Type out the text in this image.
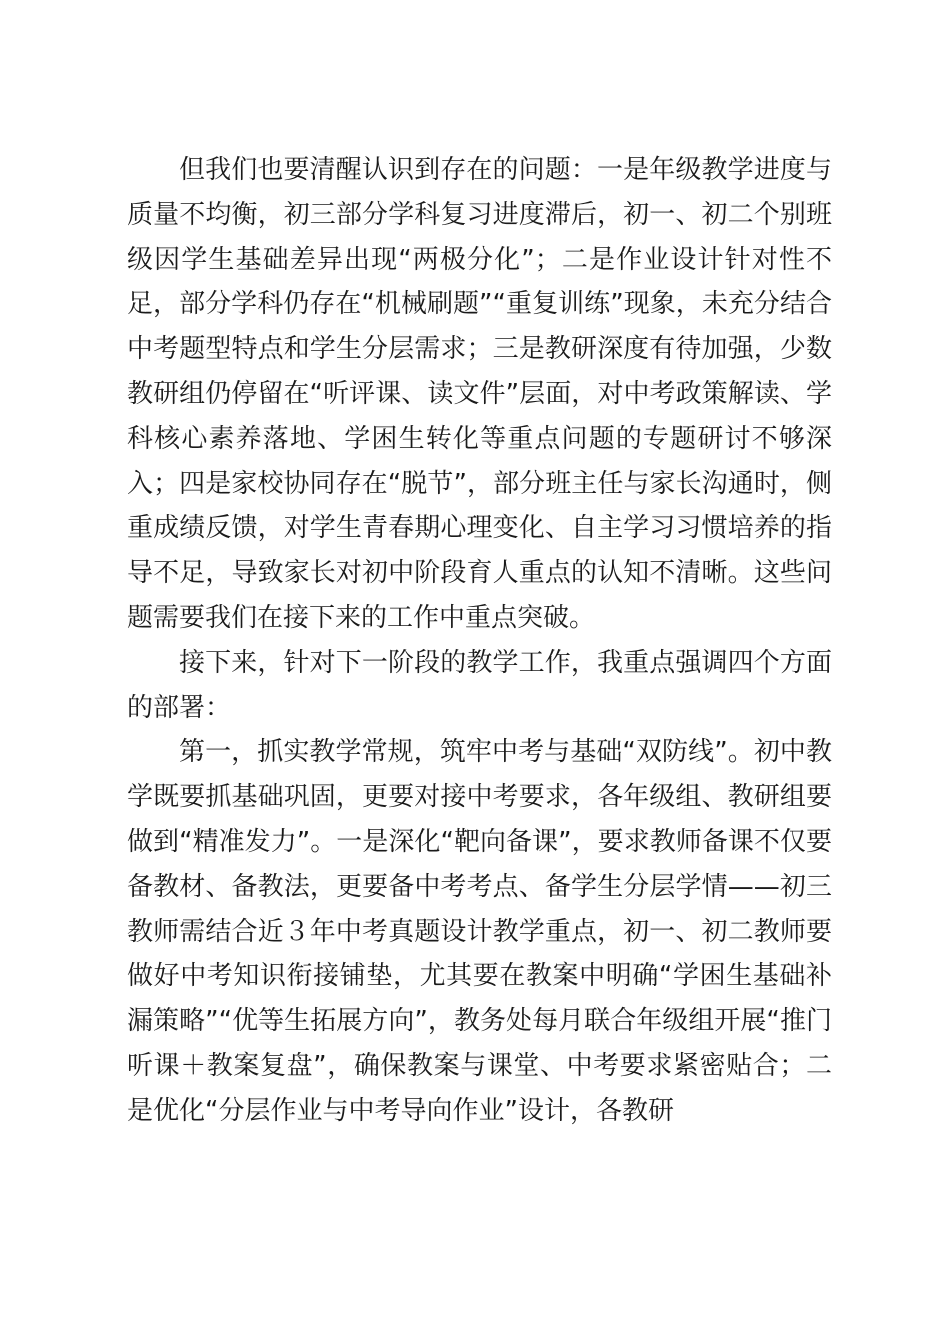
但我们也要清醒认识到存在的问题：一是年级教学进度与质量不均衡，初三部分学科复习进度滞后，初一、初二个别班级因学生基础差异出现“两极分化”；二是作业设计针对性不足，部分学科仍存在“机械刷题”“重复训练”现象，未充分结合中考题型特点和学生分层需求；三是教研深度有待加强，少数教研组仍停留在“听评课、读文件”层面，对中考政策解读、学科核心素养落地、学困生转化等重点问题的专题研讨不够深入；四是家校协同存在“脱节”，部分班主任与家长沟通时，侧重成绩反馈，对学生青春期心理变化、自主学习习惯培养的指导不足，导致家长对初中阶段育人重点的认知不清晰。这些问题需要我们在接下来的工作中重点突破。

接下来，针对下一阶段的教学工作，我重点强调四个方面的部署：

第一，抓实教学常规，筑牢中考与基础“双防线”。初中教学既要抓基础巩固，更要对接中考要求，各年级组、教研组要做到“精准发力”。一是深化“靶向备课”，要求教师备课不仅要备教材、备教法，更要备中考考点、备学生分层学情——初三教师需结合近３年中考真题设计教学重点，初一、初二教师要做好中考知识衔接铺垫，尤其要在教案中明确“学困生基础补漏策略”“优等生拓展方向”，教务处每月联合年级组开展“推门听课＋教案复盘”，确保教案与课堂、中考要求紧密贴合；二是优化“分层作业与中考导向作业”设计，各教研
